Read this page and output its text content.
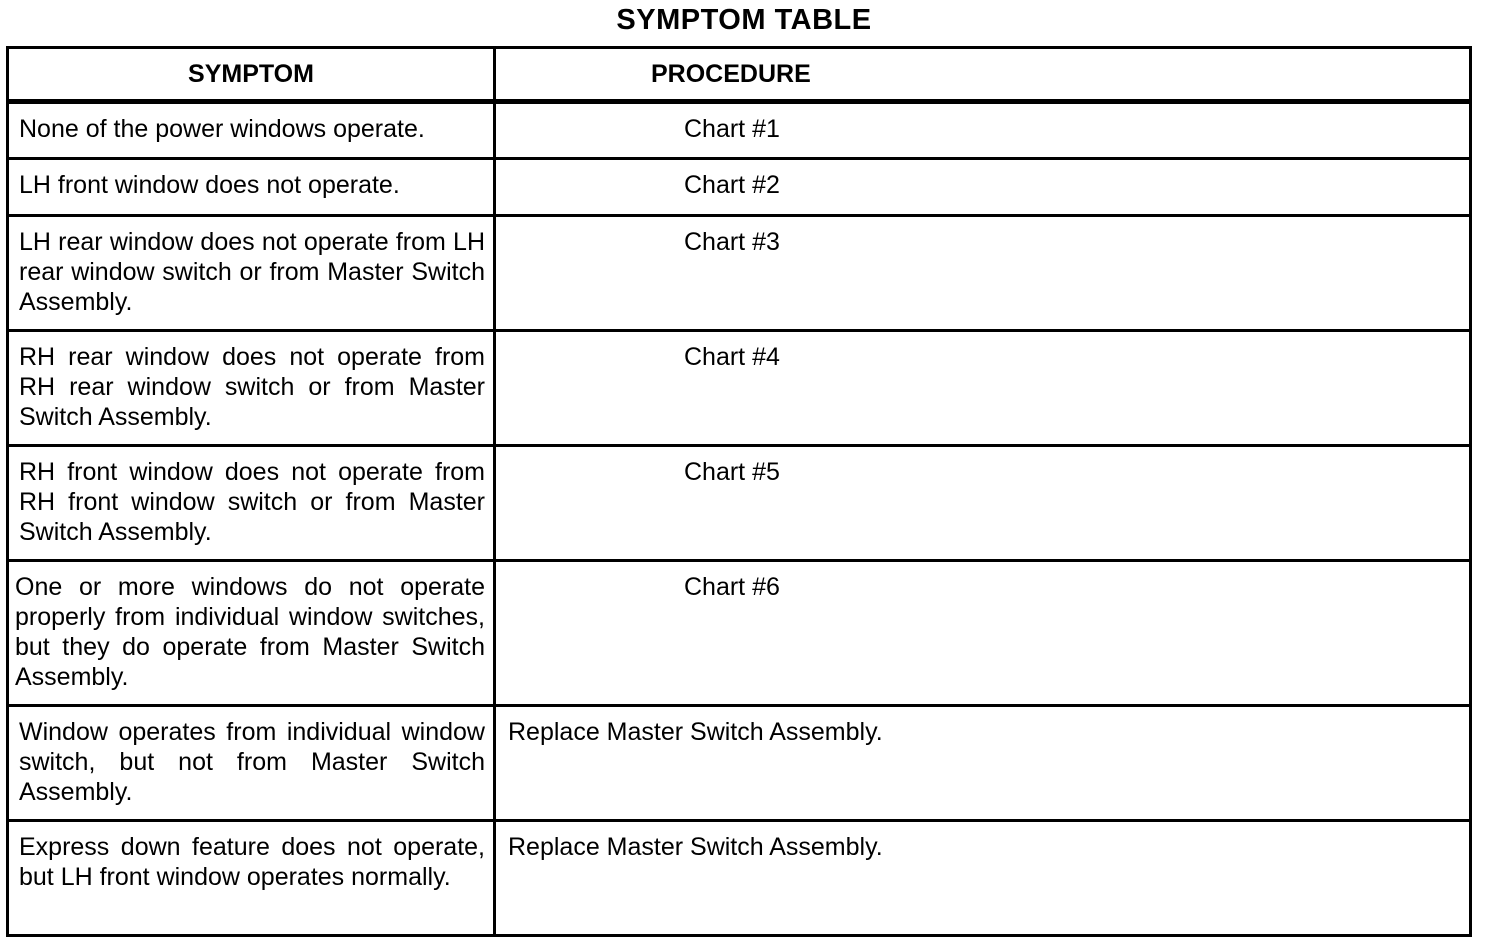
SYMPTOM TABLE
SYMPTOM	PROCEDURE
None of the power windows operate.	Chart #1
LH front window does not operate.	Chart #2
LH rear window does not operate from LH rear window switch or from Master Switch Assembly.	Chart #3
RH rear window does not operate from RH rear window switch or from Master Switch Assembly.	Chart #4
RH front window does not operate from RH front window switch or from Master Switch Assembly.	Chart #5
One or more windows do not operate properly from individual window switches, but they do operate from Master Switch Assembly.	Chart #6
Window operates from individual window switch, but not from Master Switch Assembly.	Replace Master Switch Assembly.
Express down feature does not operate, but LH front window operates normally.	Replace Master Switch Assembly.
